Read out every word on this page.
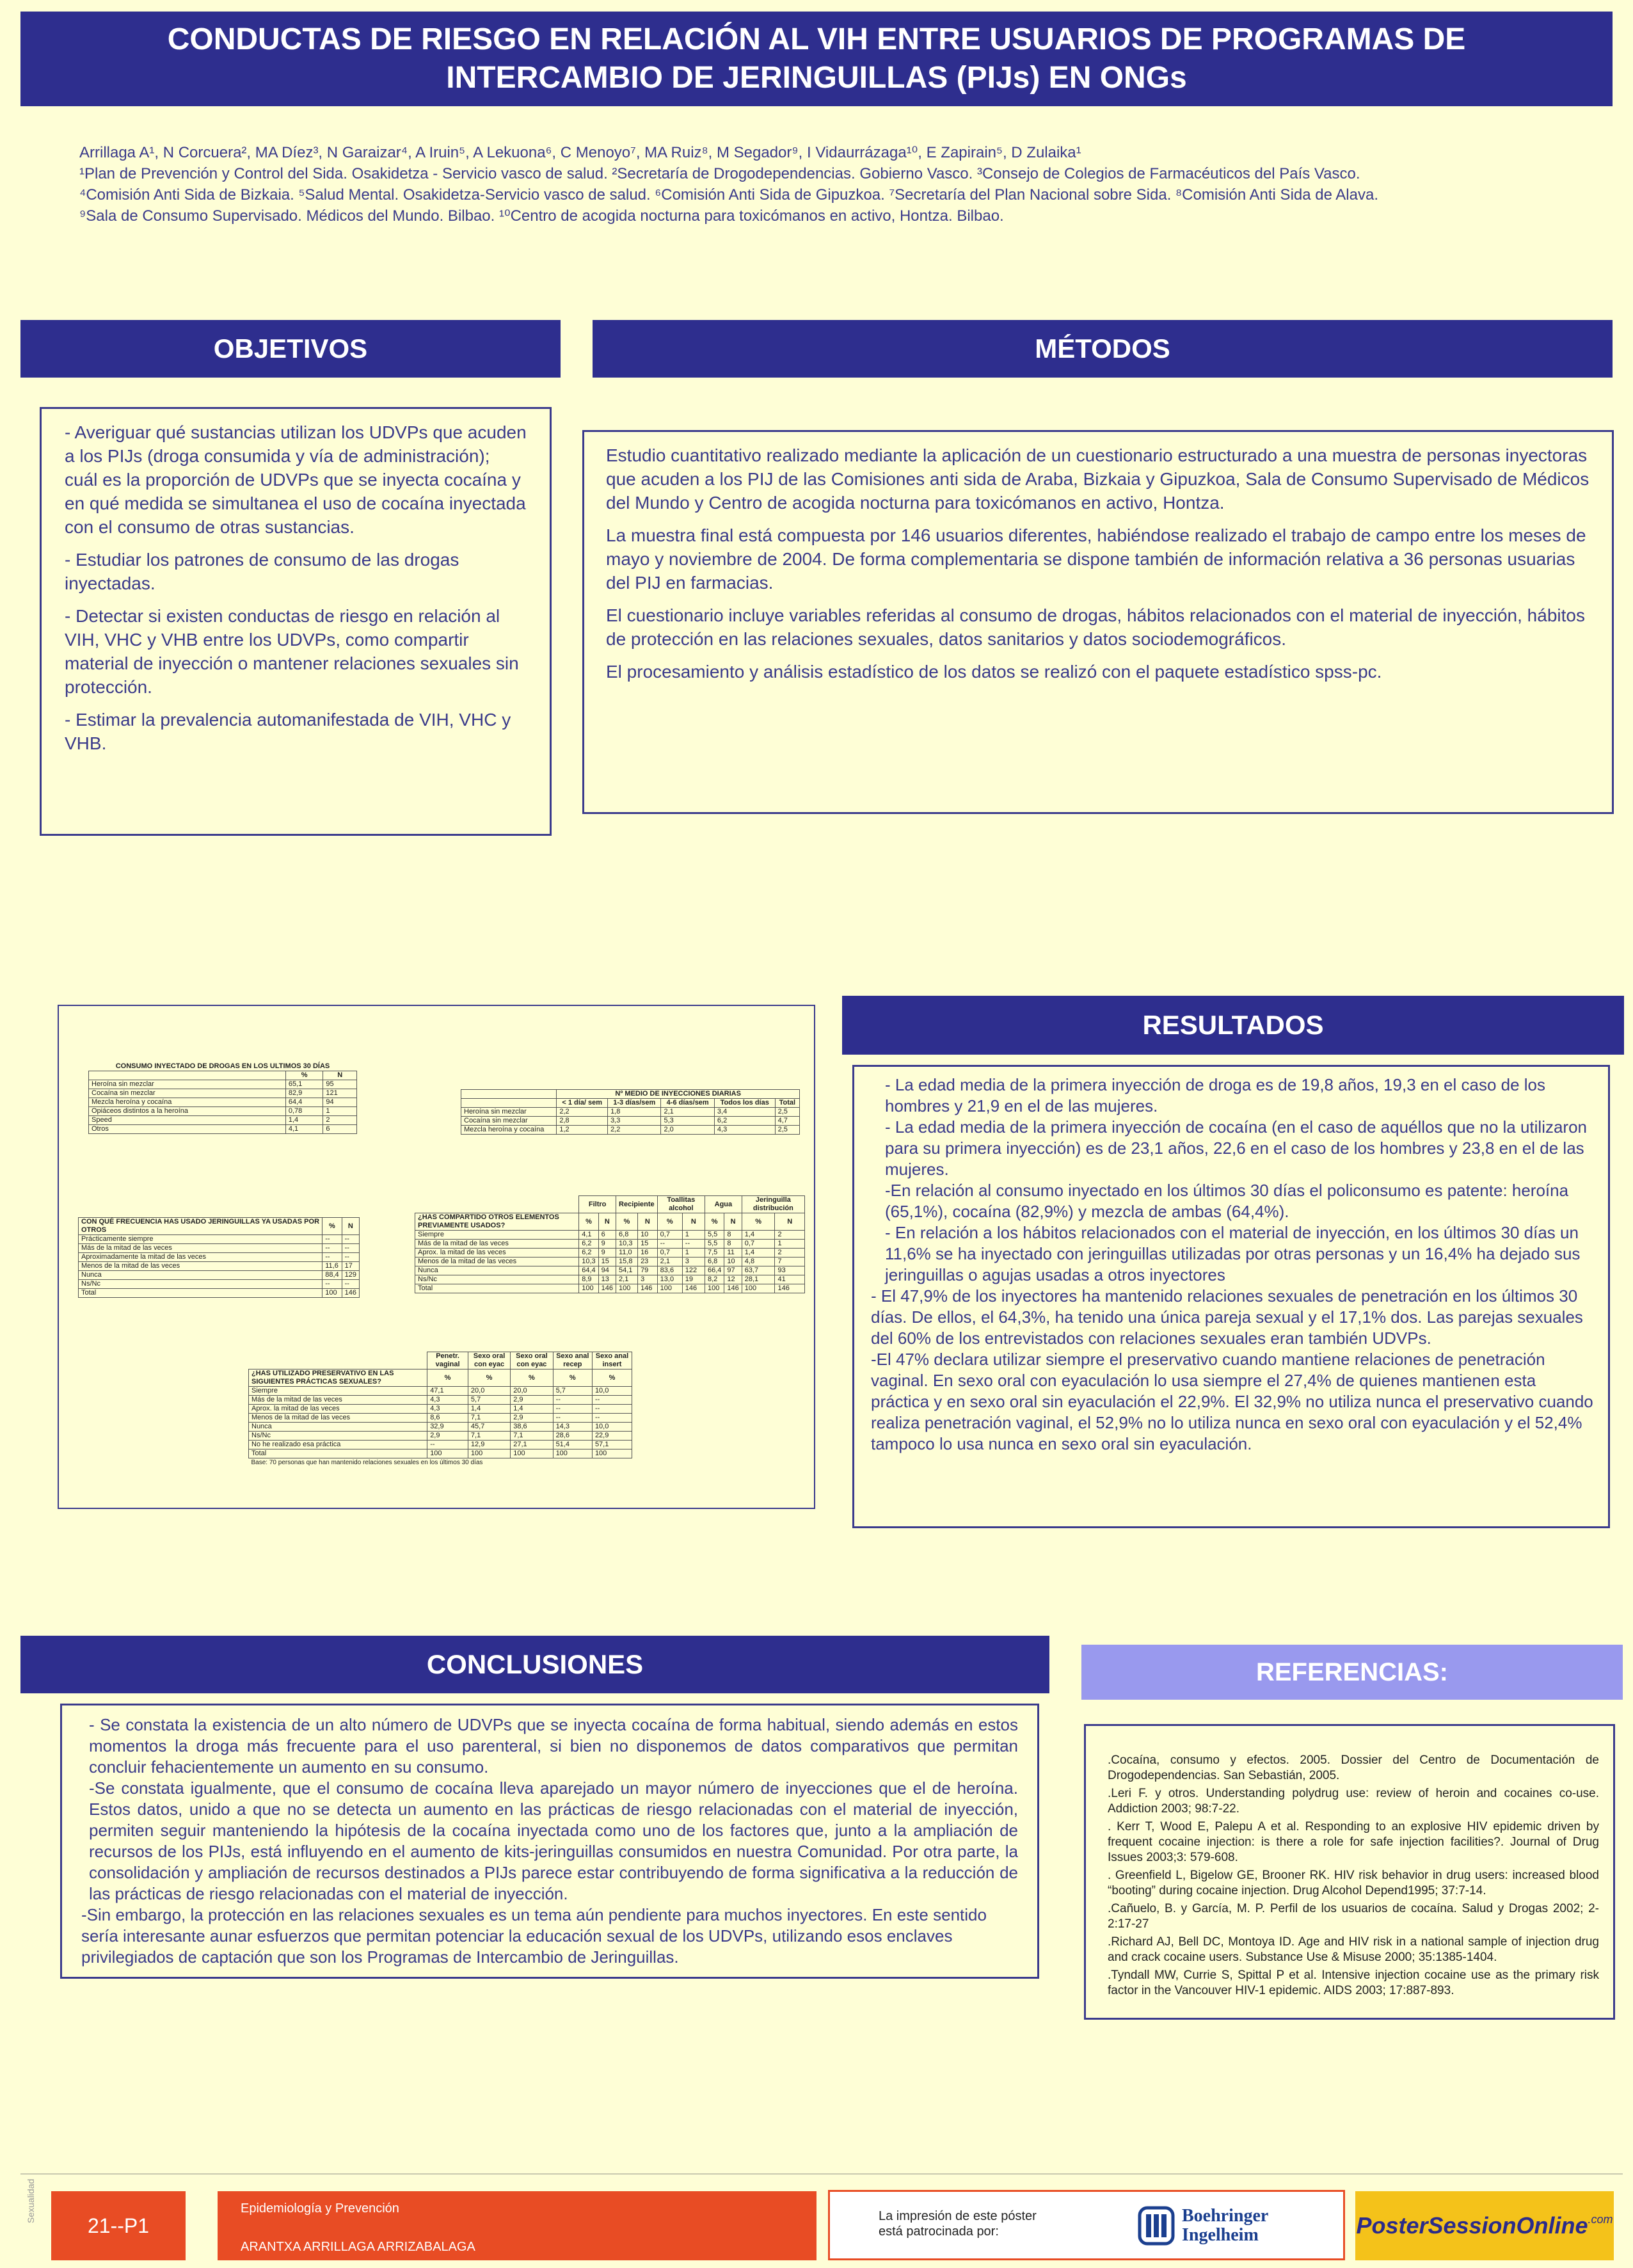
CONDUCTAS DE RIESGO EN RELACIÓN AL VIH ENTRE USUARIOS DE PROGRAMAS DE
INTERCAMBIO DE JERINGUILLAS (PIJs) EN ONGs
Arrillaga A¹, N Corcuera², MA Díez³, N Garaizar⁴, A Iruin⁵, A Lekuona⁶, C Menoyo⁷, MA Ruiz⁸, M Segador⁹, I Vidaurrázaga¹⁰, E Zapirain⁵, D Zulaika¹
¹Plan de Prevención y Control del Sida. Osakidetza - Servicio vasco de salud. ²Secretaría de Drogodependencias. Gobierno Vasco. ³Consejo de Colegios de Farmacéuticos del País Vasco.
⁴Comisión Anti Sida de Bizkaia. ⁵Salud Mental. Osakidetza-Servicio vasco de salud. ⁶Comisión Anti Sida de Gipuzkoa. ⁷Secretaría del Plan Nacional sobre Sida. ⁸Comisión Anti Sida de Alava.
⁹Sala de Consumo Supervisado. Médicos del Mundo. Bilbao. ¹⁰Centro de acogida nocturna para toxicómanos en activo, Hontza. Bilbao.
OBJETIVOS	MÉTODOS

- Averiguar qué sustancias utilizan los UDVPs que acuden a los PIJs (droga consumida y vía de administración); cuál es la proporción de UDVPs que se inyecta cocaína y en qué medida se simultanea el uso de cocaína inyectada con el consumo de otras sustancias.

- Estudiar los patrones de consumo de las drogas inyectadas.

- Detectar si existen conductas de riesgo en relación al VIH, VHC y VHB entre los UDVPs, como compartir material de inyección o mantener relaciones sexuales sin protección.

- Estimar la prevalencia automanifestada de VIH, VHC y VHB.

Estudio cuantitativo realizado mediante la aplicación de un cuestionario estructurado a una muestra de personas inyectoras que acuden a los PIJ de las Comisiones anti sida de Araba, Bizkaia y Gipuzkoa, Sala de Consumo Supervisado de Médicos del Mundo y Centro de acogida nocturna para toxicómanos en activo, Hontza.

La muestra final está compuesta por 146 usuarios diferentes, habiéndose realizado el trabajo de campo entre los meses de mayo y noviembre de 2004. De forma complementaria se dispone también de información relativa a 36 personas usuarias del PIJ en farmacias.

El cuestionario incluye variables referidas al consumo de drogas, hábitos relacionados con el material de inyección, hábitos de protección en las relaciones sexuales, datos sanitarios y datos sociodemográficos.

El procesamiento y análisis estadístico de los datos se realizó con el paquete estadístico spss-pc.

CONSUMO INYECTADO DE DROGAS EN LOS ULTIMOS 30 DÍAS		
	%	N
Heroína sin mezclar	65,1	95
Cocaína sin mezclar	82,9	121
Mezcla heroína y cocaína	64,4	94
Opiáceos distintos a la heroína	0,78	1
Speed	1,4	2
Otros	4,1	6
	Nº MEDIO DE INYECCIONES DIARIAS				
	< 1 día/ sem	1-3 días/sem	4-6 días/sem	Todos los días	Total
Heroína sin mezclar	2,2	1,8	2,1	3,4	2,5
Cocaína sin mezclar	2,8	3,3	5,3	6,2	4,7
Mezcla heroína y cocaína	1,2	2,2	2,0	4,3	2,5
CON QUÉ FRECUENCIA HAS USADO JERINGUILLAS YA USADAS POR OTROS	%	N
Prácticamente siempre	--	--
Más de la mitad de las veces	--	--
Aproximadamente la mitad de las veces	--	--
Menos de la mitad de las veces	11,6	17
Nunca	88,4	129
Ns/Nc	--	--
Total	100	146
	Filtro		Recipiente		Toallitas alcohol		Agua		Jeringuilla distribución	
¿HAS COMPARTIDO OTROS ELEMENTOS PREVIAMENTE USADOS?	%	N	%	N	%	N	%	N	%	N
Siempre	4,1	6	6,8	10	0,7	1	5,5	8	1,4	2
Más de la mitad de las veces	6,2	9	10,3	15	--	--	5,5	8	0,7	1
Aprox. la mitad de las veces	6,2	9	11,0	16	0,7	1	7,5	11	1,4	2
Menos de la mitad de las veces	10,3	15	15,8	23	2,1	3	6,8	10	4,8	7
Nunca	64,4	94	54,1	79	83,6	122	66,4	97	63,7	93
Ns/Nc	8,9	13	2,1	3	13,0	19	8,2	12	28,1	41
Total	100	146	100	146	100	146	100	146	100	146
	Penetr. vaginal	Sexo oral con eyac	Sexo oral con eyac	Sexo anal recep	Sexo anal insert
¿HAS UTILIZADO PRESERVATIVO EN LAS SIGUIENTES PRÁCTICAS SEXUALES?	%	%	%	%	%
Siempre	47,1	20,0	20,0	5,7	10,0
Más de la mitad de las veces	4,3	5,7	2,9	--	--
Aprox. la mitad de las veces	4,3	1,4	1,4	--	--
Menos de la mitad de las veces	8,6	7,1	2,9	--	--
Nunca	32,9	45,7	38,6	14,3	10,0
Ns/Nc	2,9	7,1	7,1	28,6	22,9
No he realizado esa práctica	--	12,9	27,1	51,4	57,1
Total	100	100	100	100	100
Base: 70 personas que han mantenido relaciones sexuales en los últimos 30 días					
RESULTADOS

- La edad media de la primera inyección de droga es de 19,8 años, 19,3 en el caso de los hombres y 21,9 en el de las mujeres.

- La edad media de la primera inyección de cocaína (en el caso de aquéllos que no la utilizaron para su primera inyección) es de 23,1 años, 22,6 en el caso de los hombres y 23,8 en el de las mujeres.

-En relación al consumo inyectado en los últimos 30 días el policonsumo es patente: heroína (65,1%), cocaína (82,9%) y mezcla de ambas (64,4%).

- En relación a los hábitos relacionados con el material de inyección, en los últimos 30 días un 11,6% se ha inyectado con jeringuillas utilizadas por otras personas y un 16,4% ha dejado sus jeringuillas o agujas usadas a otros inyectores

- El 47,9% de los inyectores ha mantenido relaciones sexuales de penetración en los últimos 30 días. De ellos, el 64,3%, ha tenido una única pareja sexual y el 17,1% dos. Las parejas sexuales del 60% de los entrevistados con relaciones sexuales eran también UDVPs.

-El 47% declara utilizar siempre el preservativo cuando mantiene relaciones de penetración vaginal. En sexo oral con eyaculación lo usa siempre el 27,4% de quienes mantienen esta práctica y en sexo oral sin eyaculación el 22,9%. El 32,9% no utiliza nunca el preservativo cuando realiza penetración vaginal, el 52,9% no lo utiliza nunca en sexo oral con eyaculación y el 52,4% tampoco lo usa nunca en sexo oral sin eyaculación.

CONCLUSIONES

- Se constata la existencia de un alto número de UDVPs que se inyecta cocaína de forma habitual, siendo además en estos momentos la droga más frecuente para el uso parenteral, si bien no disponemos de datos comparativos que permitan concluir fehacientemente un aumento en su consumo.

-Se constata igualmente, que el consumo de cocaína lleva aparejado un mayor número de inyecciones que el de heroína. Estos datos, unido a que no se detecta un aumento en las prácticas de riesgo relacionadas con el material de inyección, permiten seguir manteniendo la hipótesis de la cocaína inyectada como uno de los factores que, junto a la ampliación de recursos de los PIJs, está influyendo en el aumento de kits-jeringuillas consumidos en nuestra Comunidad. Por otra parte, la consolidación y ampliación de recursos destinados a PIJs parece estar contribuyendo de forma significativa a la reducción de las prácticas de riesgo relacionadas con el material de inyección.

-Sin embargo, la protección en las relaciones sexuales es un tema aún pendiente para muchos inyectores. En este sentido sería interesante aunar esfuerzos que permitan potenciar la educación sexual de los UDVPs, utilizando esos enclaves privilegiados de captación que son los Programas de Intercambio de Jeringuillas.

REFERENCIAS:

.Cocaína, consumo y efectos. 2005. Dossier del Centro de Documentación de Drogodependencias. San Sebastián, 2005.

.Leri F. y otros. Understanding polydrug use: review of heroin and cocaines co-use. Addiction 2003; 98:7-22.

. Kerr T, Wood E, Palepu A et al. Responding to an explosive HIV epidemic driven by frequent cocaine injection: is there a role for safe injection facilities?. Journal of Drug Issues 2003;3: 579-608.

. Greenfield L, Bigelow GE, Brooner RK. HIV risk behavior in drug users: increased blood “booting” during cocaine injection. Drug Alcohol Depend1995; 37:7-14.

.Cañuelo, B. y García, M. P. Perfil de los usuarios de cocaína. Salud y Drogas 2002; 2-2:17-27

.Richard AJ, Bell DC, Montoya ID. Age and HIV risk in a national sample of injection drug and crack cocaine users. Substance Use & Misuse 2000; 35:1385-1404.

.Tyndall MW, Currie S, Spittal P et al. Intensive injection cocaine use as the primary risk factor in the Vancouver HIV-1 epidemic. AIDS 2003; 17:887-893.

Sexualidad
21--P1
Epidemiología y Prevención
ARANTXA ARRILLAGA ARRIZABALAGA
La impresión de este póster está patrocinada por:
Boehringer
Ingelheim	PosterSessionOnline .com
